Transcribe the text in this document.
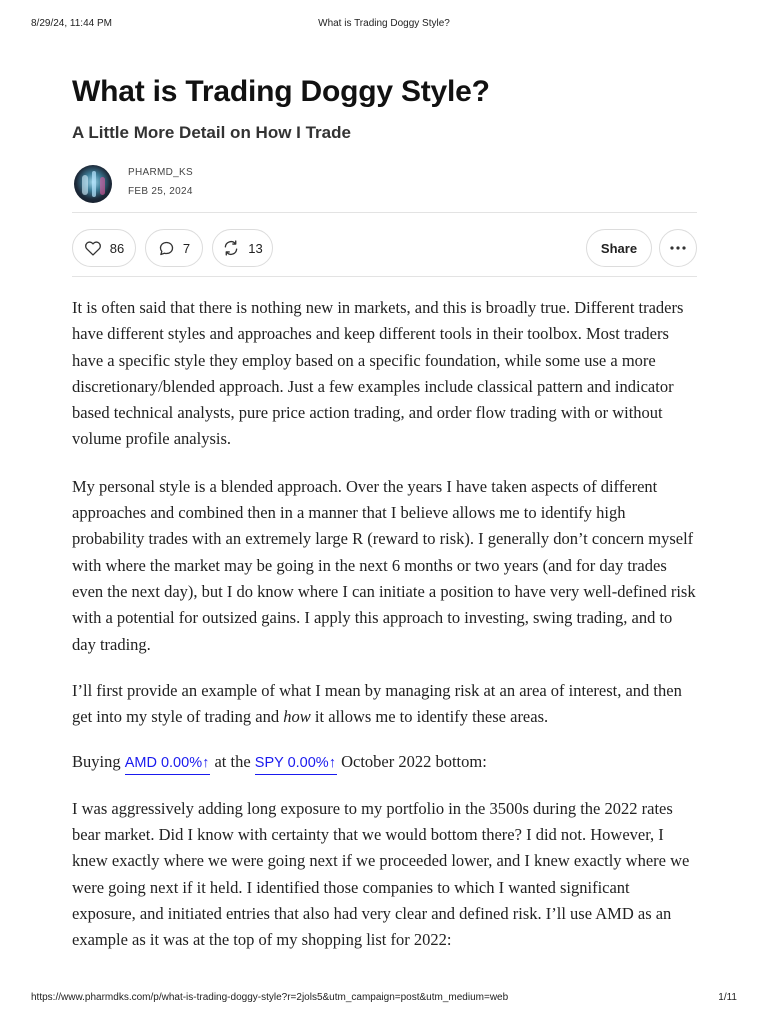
8/29/24, 11:44 PM	What is Trading Doggy Style?
What is Trading Doggy Style?
A Little More Detail on How I Trade
PHARMD_KS
FEB 25, 2024
86	7	13	Share

It is often said that there is nothing new in markets, and this is broadly true. Different traders have different styles and approaches and keep different tools in their toolbox. Most traders have a specific style they employ based on a specific foundation, while some use a more discretionary/blended approach. Just a few examples include classical pattern and indicator based technical analysts, pure price action trading, and order flow trading with or without volume profile analysis.

My personal style is a blended approach. Over the years I have taken aspects of different approaches and combined then in a manner that I believe allows me to identify high probability trades with an extremely large R (reward to risk). I generally don’t concern myself with where the market may be going in the next 6 months or two years (and for day trades even the next day), but I do know where I can initiate a position to have very well-defined risk with a potential for outsized gains. I apply this approach to investing, swing trading, and to day trading.

I’ll first provide an example of what I mean by managing risk at an area of interest, and then get into my style of trading and how it allows me to identify these areas.

Buying AMD 0.00%↑ at the SPY 0.00%↑ October 2022 bottom:

I was aggressively adding long exposure to my portfolio in the 3500s during the 2022 rates bear market. Did I know with certainty that we would bottom there? I did not. However, I knew exactly where we were going next if we proceeded lower, and I knew exactly where we were going next if it held. I identified those companies to which I wanted significant exposure, and initiated entries that also had very clear and defined risk. I’ll use AMD as an example as it was at the top of my shopping list for 2022:

https://www.pharmdks.com/p/what-is-trading-doggy-style?r=2jols5&utm_campaign=post&utm_medium=web	1/11
